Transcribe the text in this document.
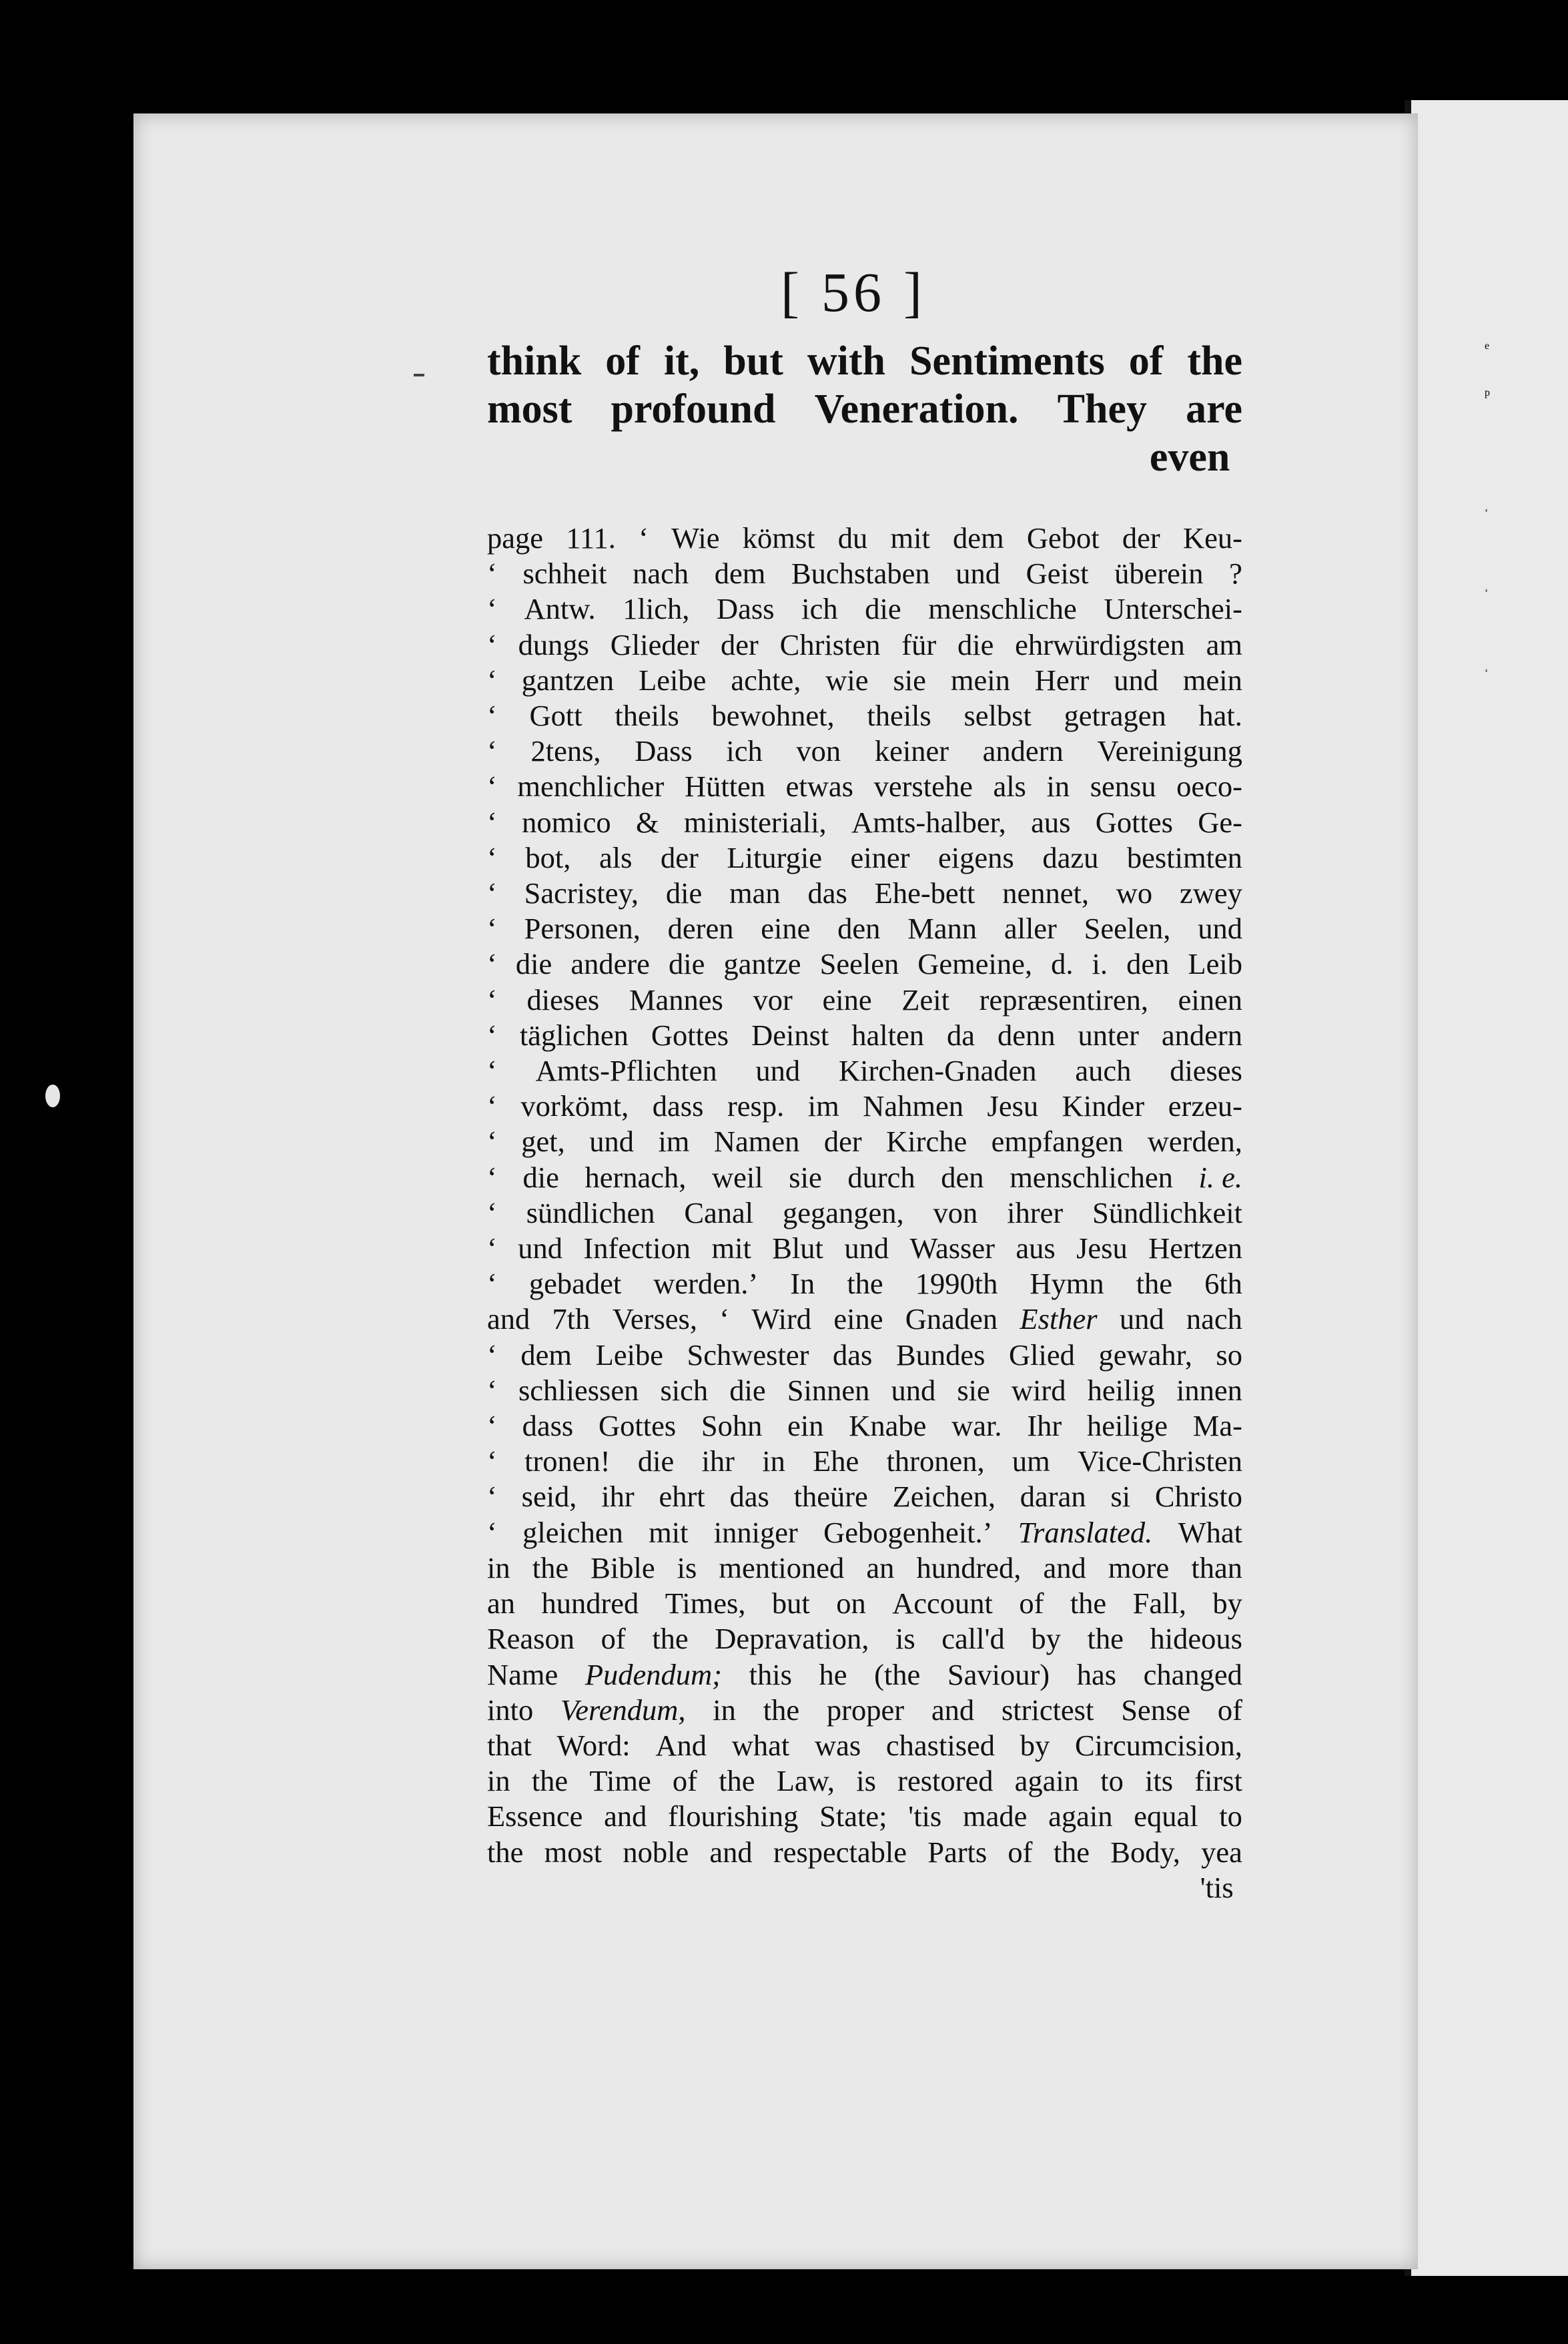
[ 56 ]
think of it, but with Sentiments of the
most profound Veneration. They are
even
page 111. ‘ Wie kömst du mit dem Gebot der Keu-
‘ schheit nach dem Buchstaben und Geist überein ?
‘ Antw. 1lich, Dass ich die menschliche Unterschei-
‘ dungs Glieder der Christen für die ehrwürdigsten am
‘ gantzen Leibe achte, wie sie mein Herr und mein
‘ Gott theils bewohnet, theils selbst getragen hat.
‘ 2tens, Dass ich von keiner andern Vereinigung
‘ menchlicher Hütten etwas verstehe als in sensu oeco-
‘ nomico & ministeriali, Amts-halber, aus Gottes Ge-
‘ bot, als der Liturgie einer eigens dazu bestimten
‘ Sacristey, die man das Ehe-bett nennet, wo zwey
‘ Personen, deren eine den Mann aller Seelen, und
‘ die andere die gantze Seelen Gemeine, d. i. den Leib
‘ dieses Mannes vor eine Zeit repræsentiren, einen
‘ täglichen Gottes Deinst halten da denn unter andern
‘ Amts-Pflichten und Kirchen-Gnaden auch dieses
‘ vorkömt, dass resp. im Nahmen Jesu Kinder erzeu-
‘ get, und im Namen der Kirche empfangen werden,
‘ die hernach, weil sie durch den menschlichen i. e.
‘ sündlichen Canal gegangen, von ihrer Sündlichkeit
‘ und Infection mit Blut und Wasser aus Jesu Hertzen
‘ gebadet werden.’ In the 1990th Hymn the 6th
and 7th Verses, ‘ Wird eine Gnaden Esther und nach
‘ dem Leibe Schwester das Bundes Glied gewahr, so
‘ schliessen sich die Sinnen und sie wird heilig innen
‘ dass Gottes Sohn ein Knabe war. Ihr heilige Ma-
‘ tronen! die ihr in Ehe thronen, um Vice-Christen
‘ seid, ihr ehrt das theüre Zeichen, daran si Christo
‘ gleichen mit inniger Gebogenheit.’ Translated. What
in the Bible is mentioned an hundred, and more than
an hundred Times, but on Account of the Fall, by
Reason of the Depravation, is call'd by the hideous
Name Pudendum; this he (the Saviour) has changed
into Verendum, in the proper and strictest Sense of
that Word: And what was chastised by Circumcision,
in the Time of the Law, is restored again to its first
Essence and flourishing State; 'tis made again equal to
the most noble and respectable Parts of the Body, yea
'tis
e
p
‘
‘
‘
